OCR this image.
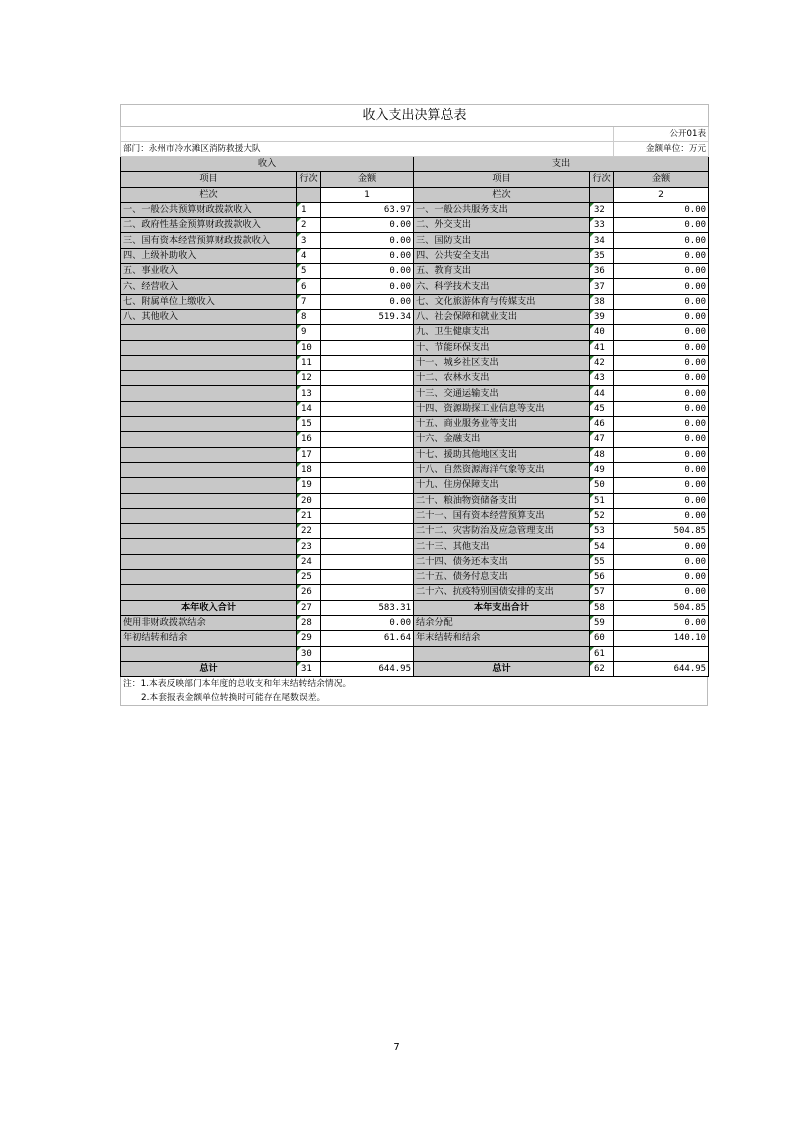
收入支出决算总表					
					公开01表
部门：永州市冷水滩区消防救援大队					金额单位：万元
收入			支出		
项目	行次	金额	项目	行次	金额
栏次		1	栏次		2
一、一般公共预算财政拨款收入	1	63.97	一、一般公共服务支出	32	0.00
二、政府性基金预算财政拨款收入	2	0.00	二、外交支出	33	0.00
三、国有资本经营预算财政拨款收入	3	0.00	三、国防支出	34	0.00
四、上级补助收入	4	0.00	四、公共安全支出	35	0.00
五、事业收入	5	0.00	五、教育支出	36	0.00
六、经营收入	6	0.00	六、科学技术支出	37	0.00
七、附属单位上缴收入	7	0.00	七、文化旅游体育与传媒支出	38	0.00
八、其他收入	8	519.34	八、社会保障和就业支出	39	0.00
	9		九、卫生健康支出	40	0.00
	10		十、节能环保支出	41	0.00
	11		十一、城乡社区支出	42	0.00
	12		十二、农林水支出	43	0.00
	13		十三、交通运输支出	44	0.00
	14		十四、资源勘探工业信息等支出	45	0.00
	15		十五、商业服务业等支出	46	0.00
	16		十六、金融支出	47	0.00
	17		十七、援助其他地区支出	48	0.00
	18		十八、自然资源海洋气象等支出	49	0.00
	19		十九、住房保障支出	50	0.00
	20		二十、粮油物资储备支出	51	0.00
	21		二十一、国有资本经营预算支出	52	0.00
	22		二十二、灾害防治及应急管理支出	53	504.85
	23		二十三、其他支出	54	0.00
	24		二十四、债务还本支出	55	0.00
	25		二十五、债务付息支出	56	0.00
	26		二十六、抗疫特别国债安排的支出	57	0.00
本年收入合计	27	583.31	本年支出合计	58	504.85
使用非财政拨款结余	28	0.00	结余分配	59	0.00
年初结转和结余	29	61.64	年末结转和结余	60	140.10
	30			61	
总计	31	644.95	总计	62	644.95
注：1.本表反映部门本年度的总收支和年末结转结余情况。
2.本套报表金额单位转换时可能存在尾数误差。
7
